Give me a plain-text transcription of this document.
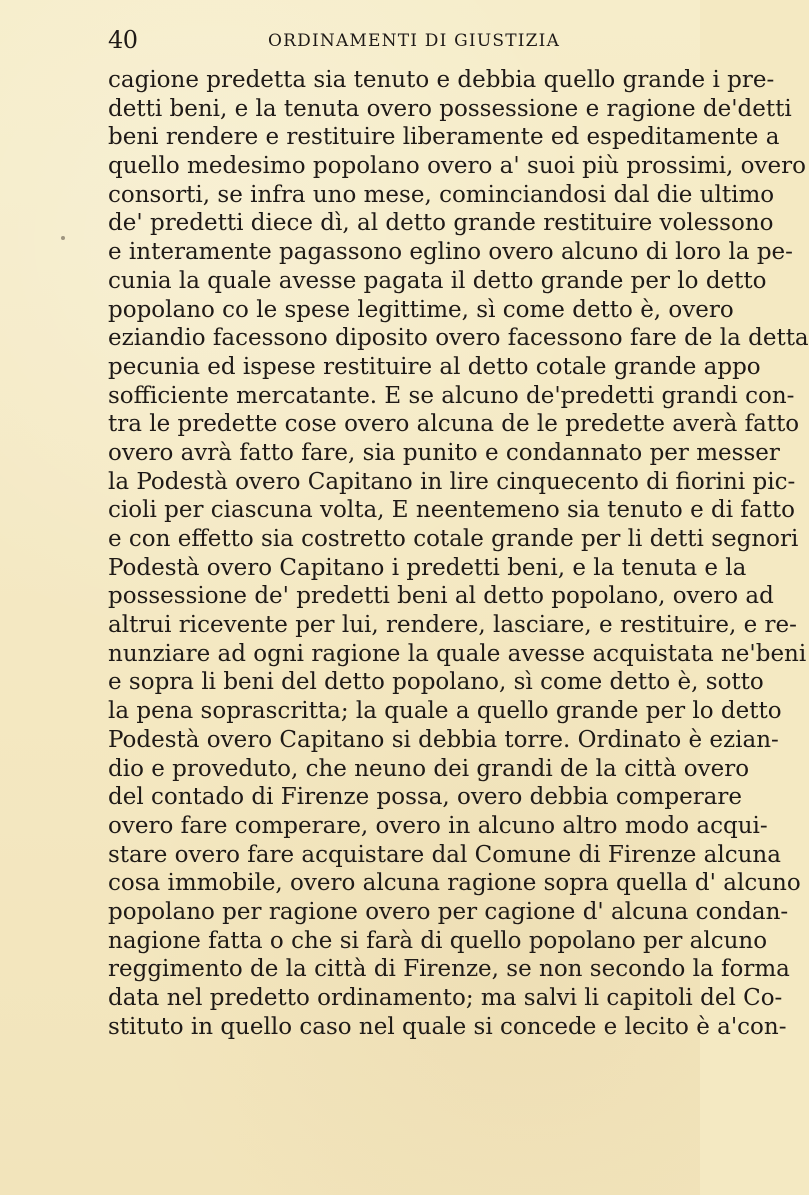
40	ORDINAMENTI DI GIUSTIZIA
cagione predetta sia tenuto e debbia quello grande i pre-
detti beni, e la tenuta overo possessione e ragione de'detti
beni rendere e restituire liberamente ed espeditamente a
quello medesimo popolano overo a' suoi più prossimi, overo
consorti, se infra uno mese, cominciandosi dal die ultimo
de' predetti diece dì, al detto grande restituire volessono
e interamente pagassono eglino overo alcuno di loro la pe-
cunia la quale avesse pagata il detto grande per lo detto
popolano co le spese legittime, sì come detto è, overo
eziandio facessono diposito overo facessono fare de la detta
pecunia ed ispese restituire al detto cotale grande appo
sofficiente mercatante. E se alcuno de'predetti grandi con-
tra le predette cose overo alcuna de le predette averà fatto
overo avrà fatto fare, sia punito e condannato per messer
la Podestà overo Capitano in lire cinquecento di fiorini pic-
cioli per ciascuna volta, E neentemeno sia tenuto e di fatto
e con effetto sia costretto cotale grande per li detti segnori
Podestà overo Capitano i predetti beni, e la tenuta e la
possessione de' predetti beni al detto popolano, overo ad
altrui ricevente per lui, rendere, lasciare, e restituire, e re-
nunziare ad ogni ragione la quale avesse acquistata ne'beni
e sopra li beni del detto popolano, sì come detto è, sotto
la pena soprascritta; la quale a quello grande per lo detto
Podestà overo Capitano si debbia torre. Ordinato è ezian-
dio e proveduto, che neuno dei grandi de la città overo
del contado di Firenze possa, overo debbia comperare
overo fare comperare, overo in alcuno altro modo acqui-
stare overo fare acquistare dal Comune di Firenze alcuna
cosa immobile, overo alcuna ragione sopra quella d' alcuno
popolano per ragione overo per cagione d' alcuna condan-
nagione fatta o che si farà di quello popolano per alcuno
reggimento de la città di Firenze, se non secondo la forma
data nel predetto ordinamento; ma salvi li capitoli del Co-
stituto in quello caso nel quale si concede e lecito è a'con-
